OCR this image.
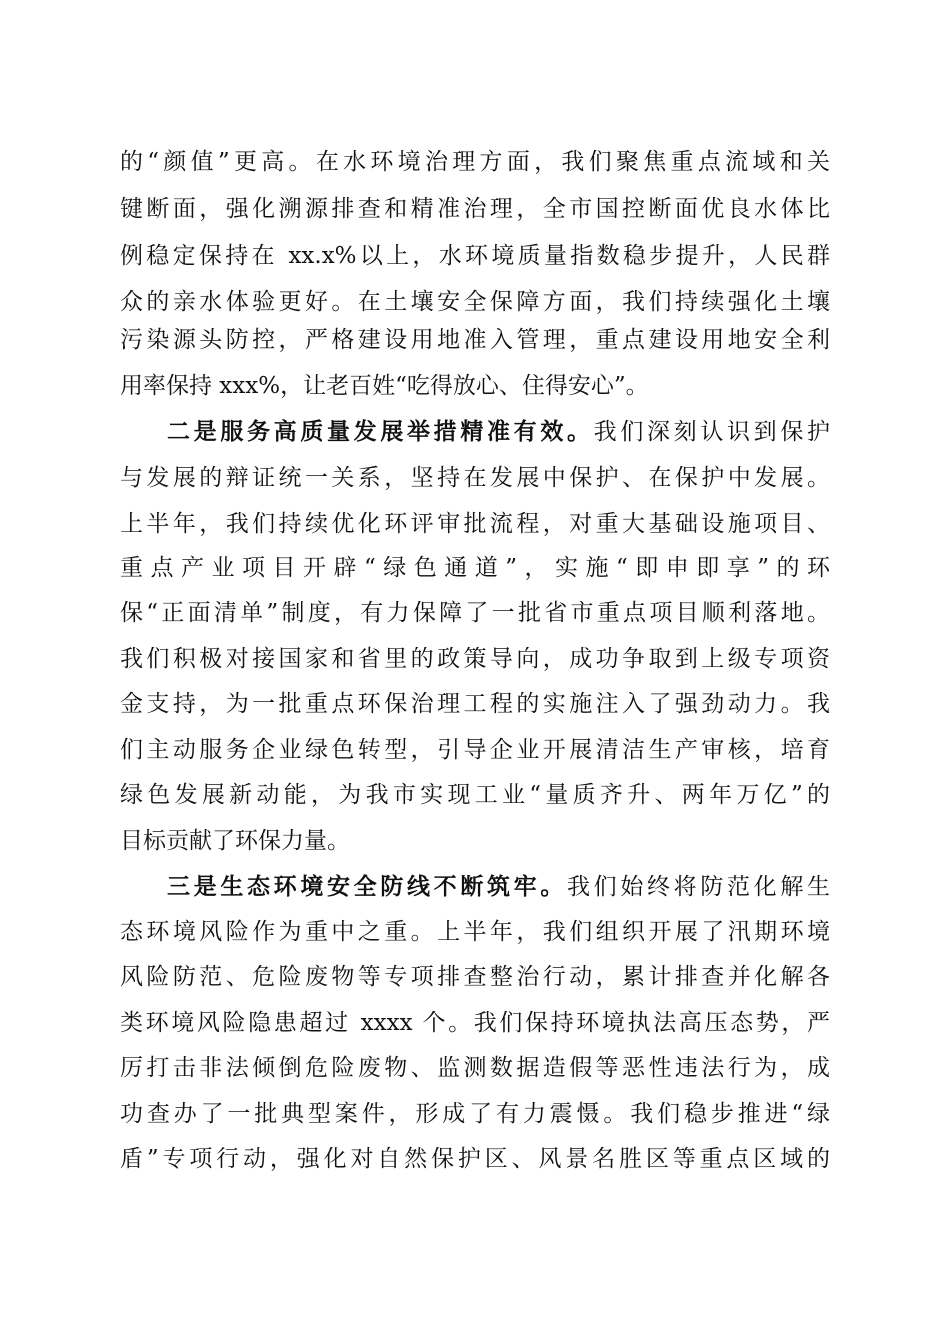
的“颜值”更高。在水环境治理方面，我们聚焦重点流域和关
键断面，强化溯源排查和精准治理，全市国控断面优良水体比
例稳定保持在 xx.x%以上，水环境质量指数稳步提升，人民群
众的亲水体验更好。在土壤安全保障方面，我们持续强化土壤
污染源头防控，严格建设用地准入管理，重点建设用地安全利
用率保持 xxx%，让老百姓“吃得放心、住得安心”。
二是服务高质量发展举措精准有效。我们深刻认识到保护
与发展的辩证统一关系，坚持在发展中保护、在保护中发展。
上半年，我们持续优化环评审批流程，对重大基础设施项目、
重点产业项目开辟“绿色通道”，实施“即申即享”的环
保“正面清单”制度，有力保障了一批省市重点项目顺利落地。
我们积极对接国家和省里的政策导向，成功争取到上级专项资
金支持，为一批重点环保治理工程的实施注入了强劲动力。我
们主动服务企业绿色转型，引导企业开展清洁生产审核，培育
绿色发展新动能，为我市实现工业“量质齐升、两年万亿”的
目标贡献了环保力量。
三是生态环境安全防线不断筑牢。我们始终将防范化解生
态环境风险作为重中之重。上半年，我们组织开展了汛期环境
风险防范、危险废物等专项排查整治行动，累计排查并化解各
类环境风险隐患超过 xxxx 个。我们保持环境执法高压态势，严
厉打击非法倾倒危险废物、监测数据造假等恶性违法行为，成
功查办了一批典型案件，形成了有力震慑。我们稳步推进“绿
盾”专项行动，强化对自然保护区、风景名胜区等重点区域的
